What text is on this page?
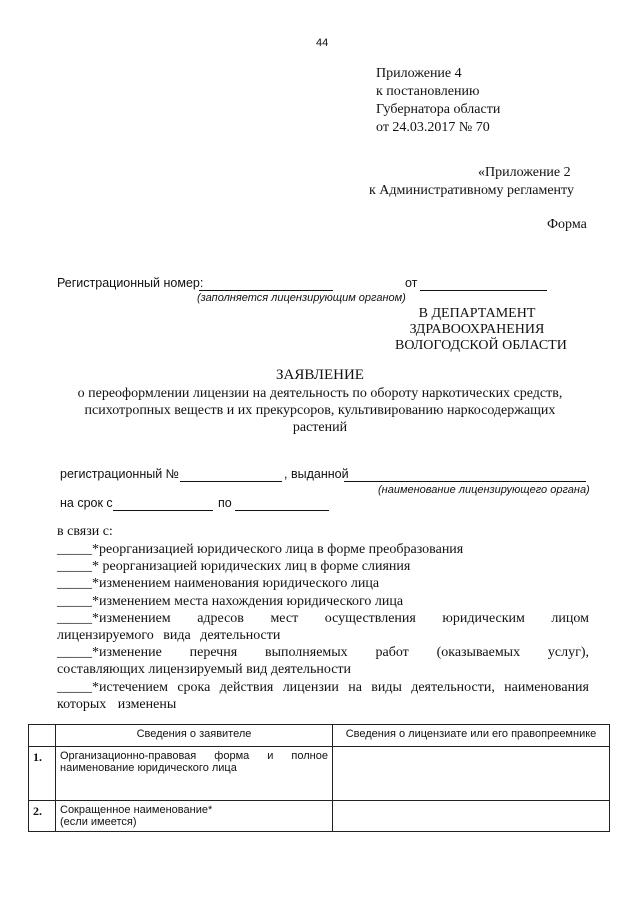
44
Приложение 4
к постановлению
Губернатора области
от 24.03.2017 № 70
«Приложение 2
к Административному регламенту
Форма
Регистрационный номер:
(заполняется лицензирующим органом)
от
В ДЕПАРТАМЕНТ
ЗДРАВООХРАНЕНИЯ
ВОЛОГОДСКОЙ ОБЛАСТИ
ЗАЯВЛЕНИЕ
о переоформлении лицензии на деятельность по обороту наркотических средств,
психотропных веществ и их прекурсоров, культивированию наркосодержащих
растений
регистрационный №	, выданной
(наименование лицензирующего органа)
на срок с	по
в связи с:
_____*реорганизацией юридического лица в форме преобразования
_____* реорганизацией юридических лиц в форме слияния
_____*изменением наименования юридического лица
_____*изменением места нахождения юридического лица
_____*изменением адресов мест осуществления юридическим лицом
лицензируемого вида деятельности
_____*изменение перечня выполняемых работ (оказываемых услуг),
составляющих лицензируемый вид деятельности
_____*истечением срока действия лицензии на виды деятельности, наименования
которых изменены
	Сведения о заявителе	Сведения о лицензиате или его правопреемнике
1.	Организационно-правовая форма и полное
наименование юридического лица	

2.	Сокращенное наименование*
(если имеется)	
